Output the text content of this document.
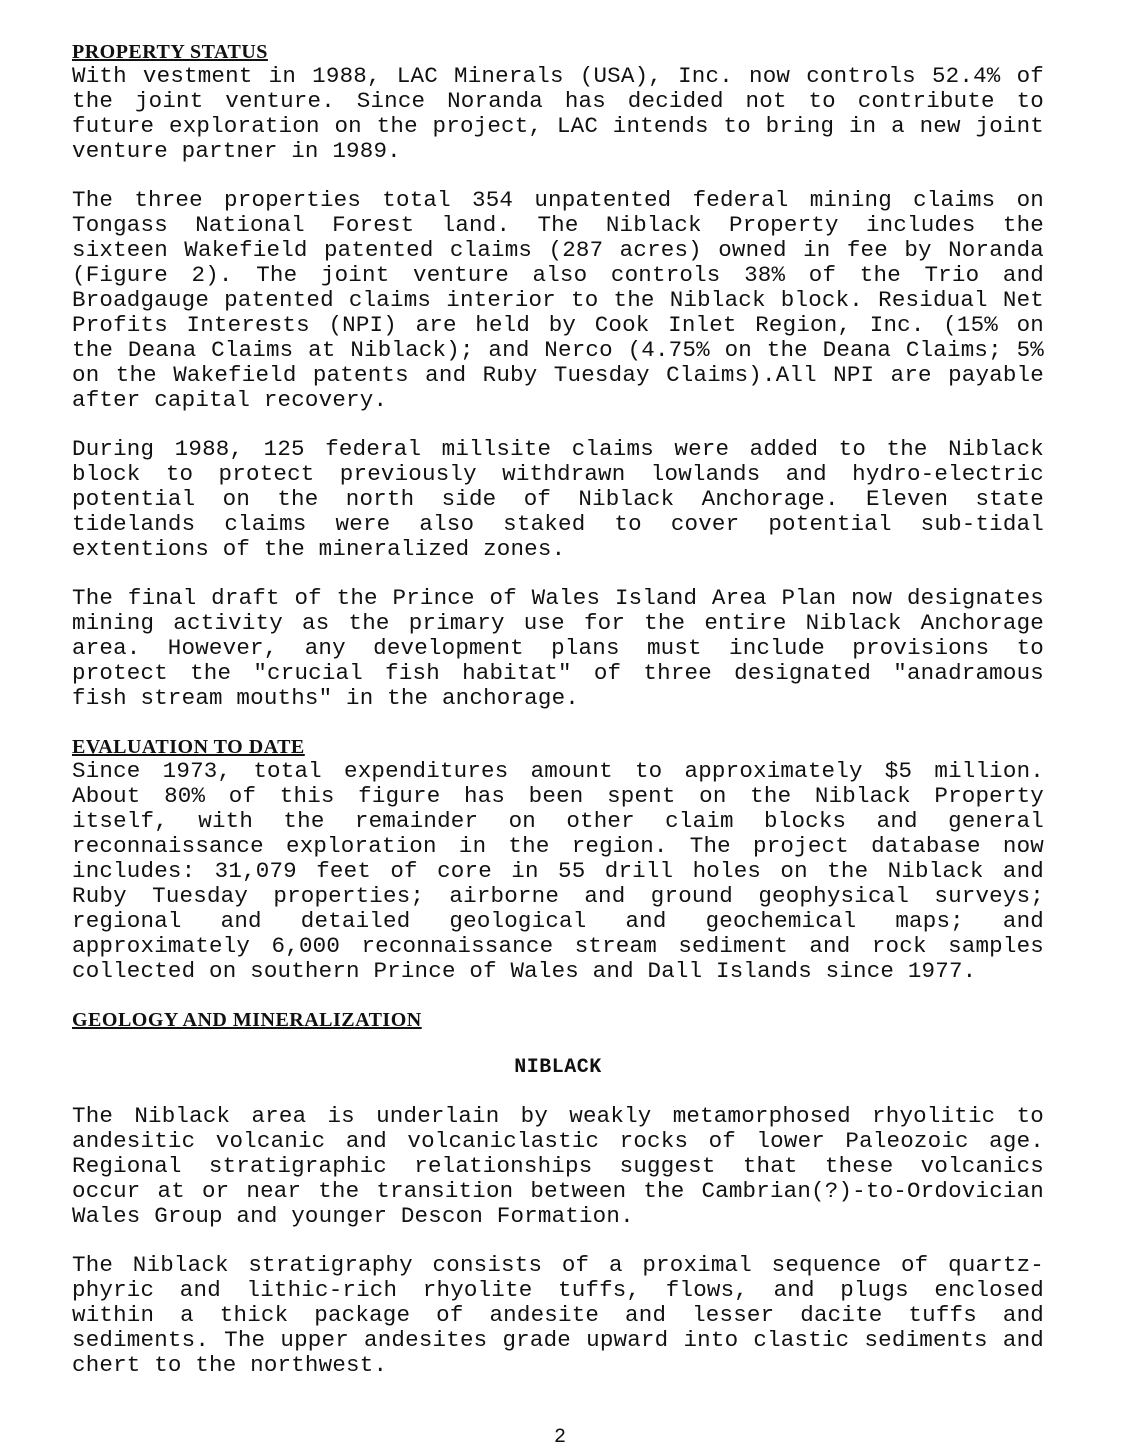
PROPERTY STATUS

With vestment in 1988, LAC Minerals (USA), Inc. now controls 52.4% of the joint venture. Since Noranda has decided not to contribute to future exploration on the project, LAC intends to bring in a new joint venture partner in 1989.

The three properties total 354 unpatented federal mining claims on Tongass National Forest land. The Niblack Property includes the sixteen Wakefield patented claims (287 acres) owned in fee by Noranda (Figure 2). The joint venture also controls 38% of the Trio and Broadgauge patented claims interior to the Niblack block. Residual Net Profits Interests (NPI) are held by Cook Inlet Region, Inc. (15% on the Deana Claims at Niblack); and Nerco (4.75% on the Deana Claims; 5% on the Wakefield patents and Ruby Tuesday Claims).All NPI are payable after capital recovery.

During 1988, 125 federal millsite claims were added to the Niblack block to protect previously withdrawn lowlands and hydro-electric potential on the north side of Niblack Anchorage. Eleven state tidelands claims were also staked to cover potential sub-tidal extentions of the mineralized zones.

The final draft of the Prince of Wales Island Area Plan now designates mining activity as the primary use for the entire Niblack Anchorage area. However, any development plans must include provisions to protect the "crucial fish habitat" of three designated "anadramous fish stream mouths" in the anchorage.

EVALUATION TO DATE

Since 1973, total expenditures amount to approximately $5 million. About 80% of this figure has been spent on the Niblack Property itself, with the remainder on other claim blocks and general reconnaissance exploration in the region. The project database now includes: 31,079 feet of core in 55 drill holes on the Niblack and Ruby Tuesday properties; airborne and ground geophysical surveys; regional and detailed geological and geochemical maps; and approximately 6,000 reconnaissance stream sediment and rock samples collected on southern Prince of Wales and Dall Islands since 1977.

GEOLOGY AND MINERALIZATION
NIBLACK

The Niblack area is underlain by weakly metamorphosed rhyolitic to andesitic volcanic and volcaniclastic rocks of lower Paleozoic age. Regional stratigraphic relationships suggest that these volcanics occur at or near the transition between the Cambrian(?)-to-Ordovician Wales Group and younger Descon Formation.

The Niblack stratigraphy consists of a proximal sequence of quartz-phyric and lithic-rich rhyolite tuffs, flows, and plugs enclosed within a thick package of andesite and lesser dacite tuffs and sediments. The upper andesites grade upward into clastic sediments and chert to the northwest.

2
